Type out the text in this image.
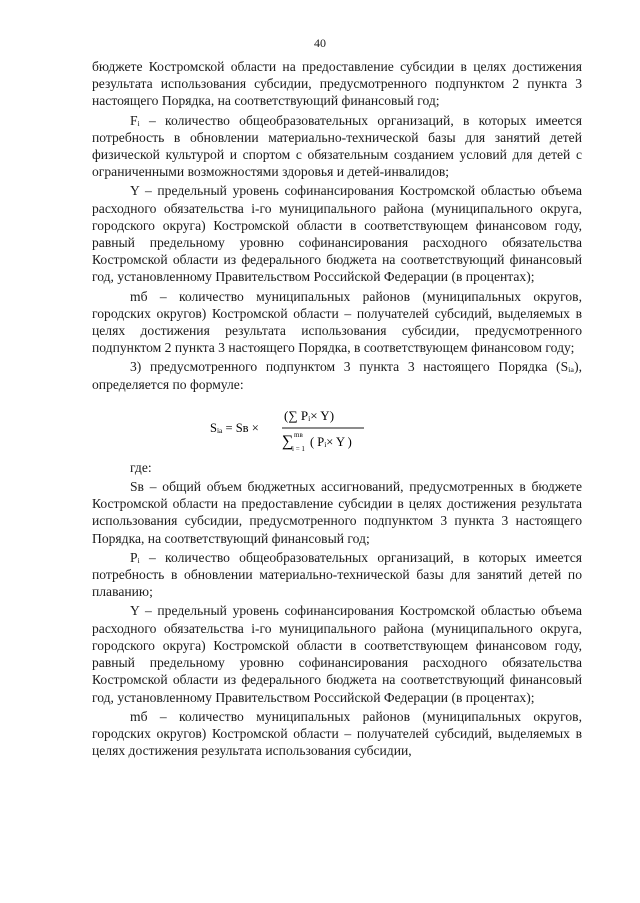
40

бюджете Костромской области на предоставление субсидии в целях достижения результата использования субсидии, предусмотренного подпунктом 2 пункта 3 настоящего Порядка, на соответствующий финансовый год;

Fᵢ – количество общеобразовательных организаций, в которых имеется потребность в обновлении материально-технической базы для занятий детей физической культурой и спортом с обязательным созданием условий для детей с ограниченными возможностями здоровья и детей-инвалидов;

Y – предельный уровень софинансирования Костромской областью объема расходного обязательства i-го муниципального района (муниципального округа, городского округа) Костромской области в соответствующем финансовом году, равный предельному уровню софинансирования расходного обязательства Костромской области из федерального бюджета на соответствующий финансовый год, установленному Правительством Российской Федерации (в процентах);

mб – количество муниципальных районов (муниципальных округов, городских округов) Костромской области – получателей субсидий, выделяемых в целях достижения результата использования субсидии, предусмотренного подпунктом 2 пункта 3 настоящего Порядка, в соответствующем финансовом году;

3) предусмотренного подпунктом 3 пункта 3 настоящего Порядка (Sᵢₐ), определяется по формуле:

Sᵢₐ = Sв ×
(∑ Pᵢ× Y)
∑ mв
i = 1 ( Pᵢ× Y )

где:

Sв – общий объем бюджетных ассигнований, предусмотренных в бюджете Костромской области на предоставление субсидии в целях достижения результата использования субсидии, предусмотренного подпунктом 3 пункта 3 настоящего Порядка, на соответствующий финансовый год;

Pᵢ – количество общеобразовательных организаций, в которых имеется потребность в обновлении материально-технической базы для занятий детей по плаванию;

Y – предельный уровень софинансирования Костромской областью объема расходного обязательства i-го муниципального района (муниципального округа, городского округа) Костромской области в соответствующем финансовом году, равный предельному уровню софинансирования расходного обязательства Костромской области из федерального бюджета на соответствующий финансовый год, установленному Правительством Российской Федерации (в процентах);

mб – количество муниципальных районов (муниципальных округов, городских округов) Костромской области – получателей субсидий, выделяемых в целях достижения результата использования субсидии,
